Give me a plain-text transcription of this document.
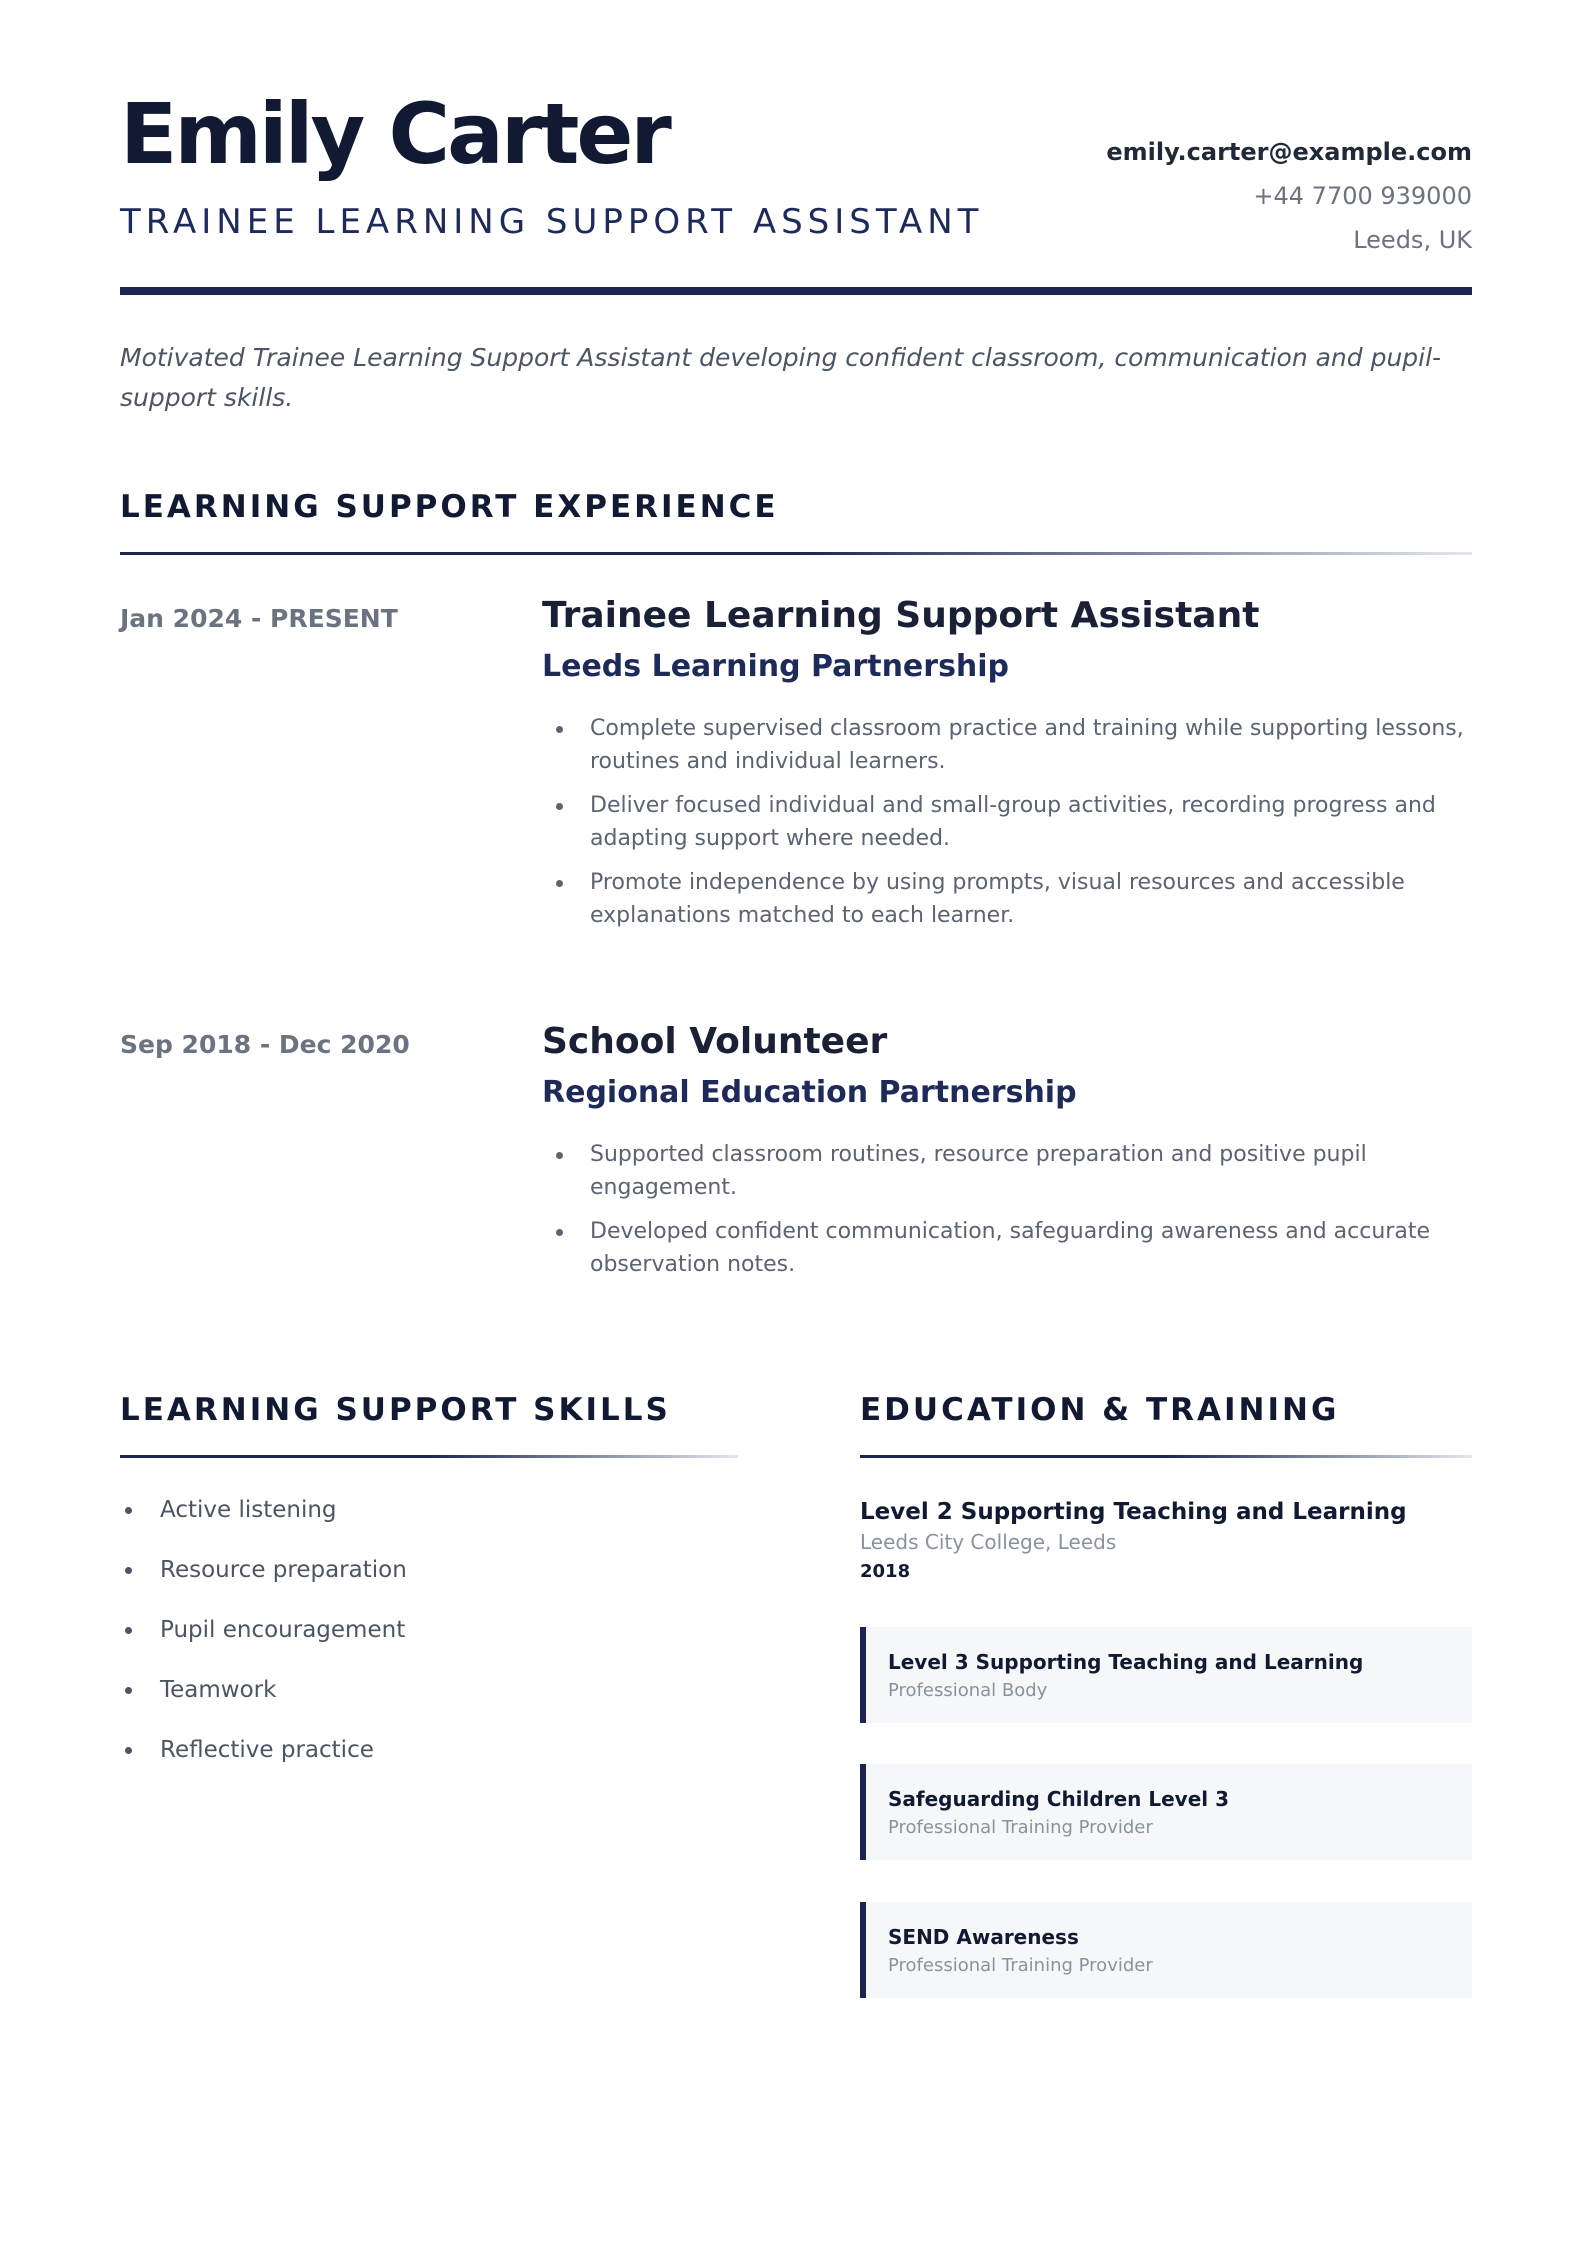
Emily Carter
TRAINEE LEARNING SUPPORT ASSISTANT
emily.carter@example.com
+44 7700 939000
Leeds, UK
Motivated Trainee Learning Support Assistant developing confident classroom, communication and pupil-support skills.
LEARNING SUPPORT EXPERIENCE
Jan 2024 - PRESENT	Trainee Learning Support Assistant
Leeds Learning Partnership
Complete supervised classroom practice and training while supporting lessons, routines and individual learners.
Deliver focused individual and small-group activities, recording progress and adapting support where needed.
Promote independence by using prompts, visual resources and accessible explanations matched to each learner.
Sep 2018 - Dec 2020	School Volunteer
Regional Education Partnership
Supported classroom routines, resource preparation and positive pupil engagement.
Developed confident communication, safeguarding awareness and accurate observation notes.
LEARNING SUPPORT SKILLS
Active listening
Resource preparation
Pupil encouragement
Teamwork
Reflective practice
EDUCATION & TRAINING
Level 2 Supporting Teaching and Learning
Leeds City College, Leeds
2018
Level 3 Supporting Teaching and Learning
Professional Body
Safeguarding Children Level 3
Professional Training Provider
SEND Awareness
Professional Training Provider
